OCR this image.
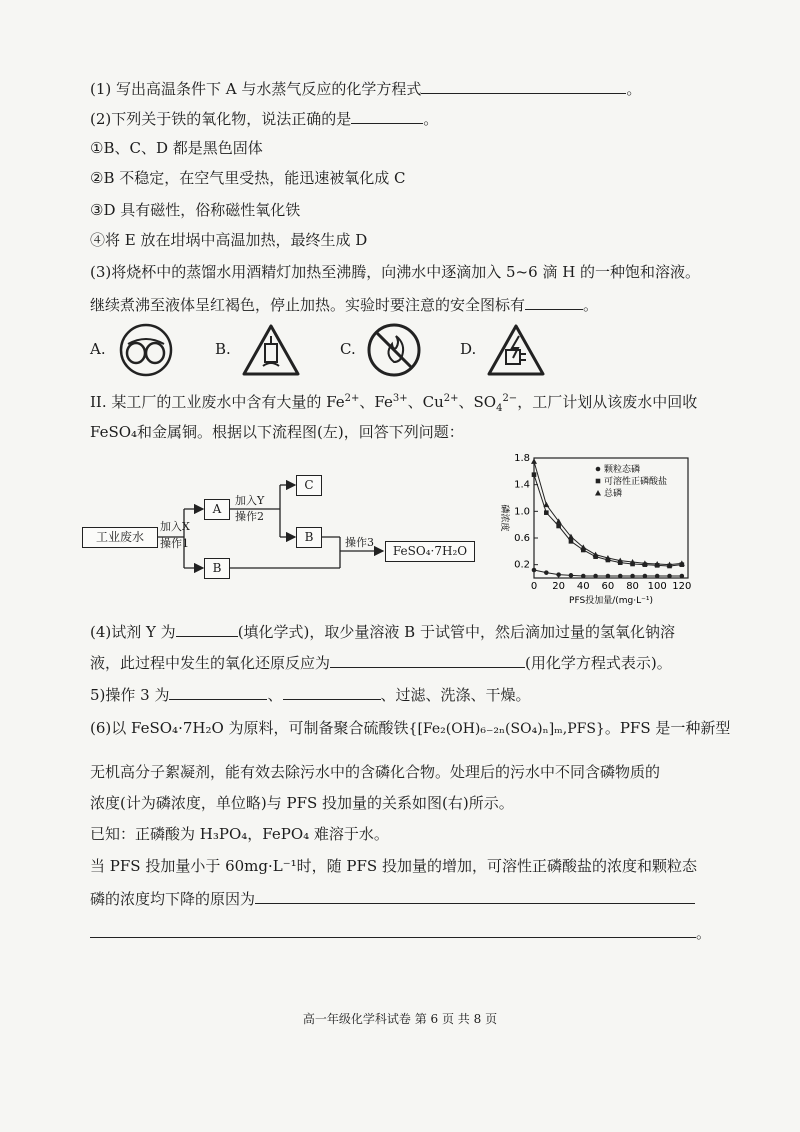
(1) 写出高温条件下 A 与水蒸气反应的化学方程式	。
(2)下列关于铁的氧化物，说法正确的是	。
①B、C、D 都是黑色固体
②B 不稳定，在空气里受热，能迅速被氧化成 C
③D 具有磁性，俗称磁性氧化铁
④将 E 放在坩埚中高温加热，最终生成 D
(3)将烧杯中的蒸馏水用酒精灯加热至沸腾，向沸水中逐滴加入 5~6 滴 H 的一种饱和溶液。
继续煮沸至液体呈红褐色，停止加热。实验时要注意的安全图标有	。
A.	B.	C.	D.
II. 某工厂的工业废水中含有大量的 $Fe^{2+}$、$Fe^{3+}$、$Cu^{2+}$、$SO_4^{2-}$，工厂计划从该废水中回收
FeSO₄和金属铜。根据以下流程图(左)，回答下列问题：
工业废水
加入X
操作1
A
加入Y
操作2
C
B
B
操作3
FeSO₄·7H₂O
0.2
0.6
1.0
1.4
1.8
0 20 40 60 80 100 120
PFS投加量/(mg·L⁻¹)
磷浓度
颗粒态磷
可溶性正磷酸盐
总磷
(4)试剂 Y 为	(填化学式)，取少量溶液 B 于试管中，然后滴加过量的氢氧化钠溶
液，此过程中发生的氧化还原反应为	(用化学方程式表示)。
5)操作 3 为	、	、过滤、洗涤、干燥。
(6)以 FeSO₄·7H₂O 为原料，可制备聚合硫酸铁{[Fe₂(OH)₆₋₂ₙ(SO₄)ₙ]ₘ,PFS}。PFS 是一种新型
无机高分子絮凝剂，能有效去除污水中的含磷化合物。处理后的污水中不同含磷物质的
浓度(计为磷浓度，单位略)与 PFS 投加量的关系如图(右)所示。
已知：正磷酸为 H₃PO₄，FePO₄ 难溶于水。
当 PFS 投加量小于 60mg·L⁻¹时，随 PFS 投加量的增加，可溶性正磷酸盐的浓度和颗粒态
磷的浓度均下降的原因为
。
高一年级化学科试卷 第 6 页 共 8 页
